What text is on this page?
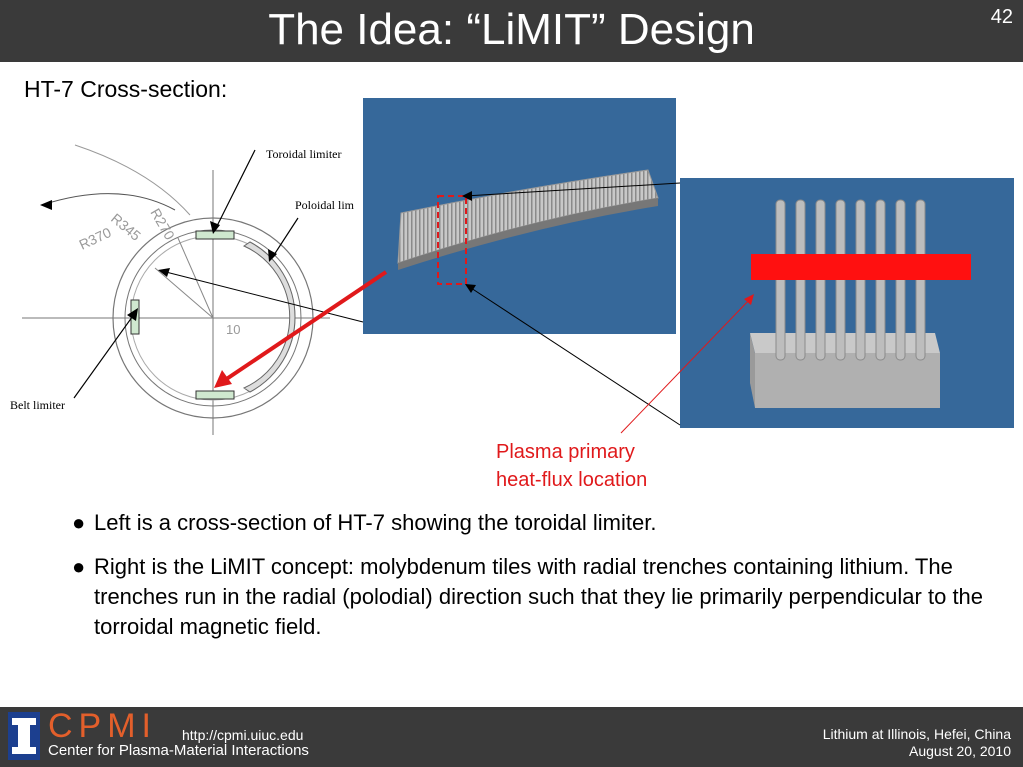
The Idea: “LiMIT” Design	42
HT-7 Cross-section:
R270
R345
R370
10
Toroidal limiter
Poloidal lim
Belt limiter
Plasma primary
heat-flux location
● Left is a cross-section of HT-7 showing the toroidal limiter.
● Right is the LiMIT concept: molybdenum tiles with radial trenches containing lithium. The trenches run in the radial (polodial) direction such that they lie primarily perpendicular to the torroidal magnetic field.
CPMI
Center for Plasma-Material Interactions
http://cpmi.uiuc.edu	Lithium at Illinois, Hefei, China
August 20, 2010
